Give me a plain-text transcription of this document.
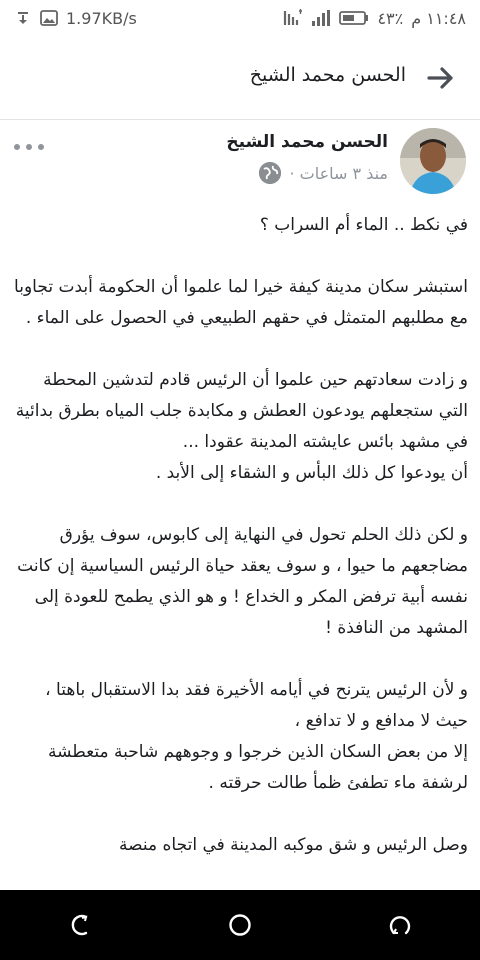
1.97KB/s	٤٣٪ ١١:٤٨ م
الحسن محمد الشيخ
الحسن محمد الشيخ
منذ ٣ ساعات ·

في نكط .. الماء أم السراب ؟

استبشر سكان مدينة كيفة خيرا لما علموا أن الحكومة أبدت تجاوبا مع مطلبهم المتمثل في حقهم الطبيعي في الحصول على الماء .

و زادت سعادتهم حين علموا أن الرئيس قادم لتدشين المحطة التي ستجعلهم يودعون العطش و مكابدة جلب المياه بطرق بدائية في مشهد بائس عايشته المدينة عقودا ...
أن يودعوا كل ذلك البأس و الشقاء إلى الأبد .

و لكن ذلك الحلم تحول في النهاية إلى كابوس، سوف يؤرق مضاجعهم ما حيوا ، و سوف يعقد حياة الرئيس السياسية إن كانت نفسه أبية ترفض المكر و الخداع ! و هو الذي يطمح للعودة إلى المشهد من النافذة !

و لأن الرئيس يترنح في أيامه الأخيرة فقد بدا الاستقبال باهتا ، حيث لا مدافع و لا تدافع ،
إلا من بعض السكان الذين خرجوا و وجوههم شاحبة متعطشة لرشفة ماء تطفئ ظمأ طالت حرقته .

وصل الرئيس و شق موكبه المدينة في اتجاه منصة
